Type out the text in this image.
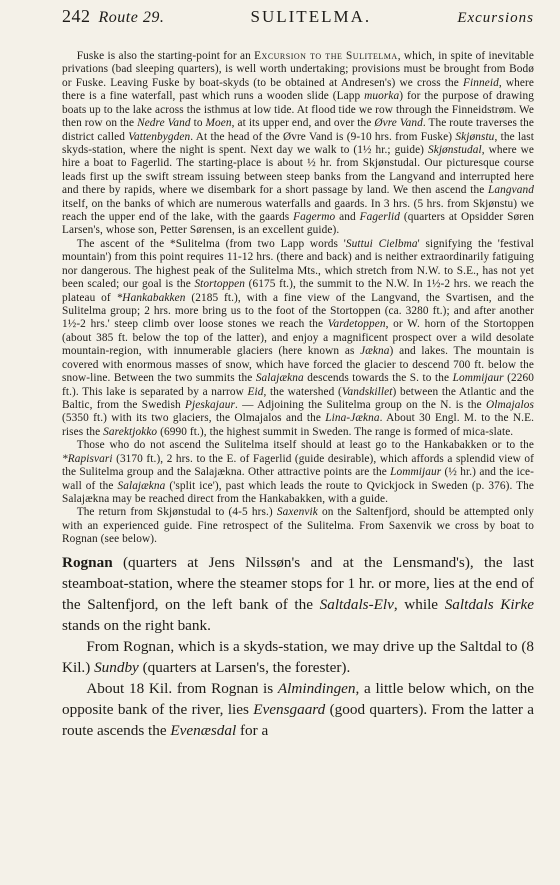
242 Route 29.	SULITELMA.	Excursions

Fuske is also the starting-point for an Excursion to the Sulitelma, which, in spite of inevitable privations (bad sleeping quarters), is well worth undertaking; provisions must be brought from Bodø or Fuske. Leaving Fuske by boat-skyds (to be obtained at Andresen's) we cross the Finneid, where there is a fine waterfall, past which runs a wooden slide (Lapp muorka) for the purpose of drawing boats up to the lake across the isthmus at low tide. At flood tide we row through the Finneidstrøm. We then row on the Nedre Vand to Moen, at its upper end, and over the Øvre Vand. The route traverses the district called Vattenbygden. At the head of the Øvre Vand is (9-10 hrs. from Fuske) Skjønstu, the last skyds-station, where the night is spent. Next day we walk to (1½ hr.; guide) Skjønstudal, where we hire a boat to Fagerlid. The starting-place is about ½ hr. from Skjønstudal. Our picturesque course leads first up the swift stream issuing between steep banks from the Langvand and interrupted here and there by rapids, where we disembark for a short passage by land. We then ascend the Langvand itself, on the banks of which are numerous waterfalls and gaards. In 3 hrs. (5 hrs. from Skjønstu) we reach the upper end of the lake, with the gaards Fagermo and Fagerlid (quarters at Opsidder Søren Larsen's, whose son, Petter Sørensen, is an excellent guide).

The ascent of the *Sulitelma (from two Lapp words 'Suttui Cielbma' signifying the 'festival mountain') from this point requires 11-12 hrs. (there and back) and is neither extraordinarily fatiguing nor dangerous. The highest peak of the Sulitelma Mts., which stretch from N.W. to S.E., has not yet been scaled; our goal is the Stortoppen (6175 ft.), the summit to the N.W. In 1½-2 hrs. we reach the plateau of *Hankabakken (2185 ft.), with a fine view of the Langvand, the Svartisen, and the Sulitelma group; 2 hrs. more bring us to the foot of the Stortoppen (ca. 3280 ft.); and after another 1½-2 hrs.' steep climb over loose stones we reach the Vardetoppen, or W. horn of the Stortoppen (about 385 ft. below the top of the latter), and enjoy a magnificent prospect over a wild desolate mountain-region, with innumerable glaciers (here known as Jækna) and lakes. The mountain is covered with enormous masses of snow, which have forced the glacier to descend 700 ft. below the snow-line. Between the two summits the Salajækna descends towards the S. to the Lommijaur (2260 ft.). This lake is separated by a narrow Eid, the watershed (Vandskillet) between the Atlantic and the Baltic, from the Swedish Pjeskajaur. — Adjoining the Sulitelma group on the N. is the Olmajalos (5350 ft.) with its two glaciers, the Olmajalos and the Lina-Jækna. About 30 Engl. M. to the N.E. rises the Sarektjokko (6990 ft.), the highest summit in Sweden. The range is formed of mica-slate.

Those who do not ascend the Sulitelma itself should at least go to the Hankabakken or to the *Rapisvari (3170 ft.), 2 hrs. to the E. of Fagerlid (guide desirable), which affords a splendid view of the Sulitelma group and the Salajækna. Other attractive points are the Lommijaur (½ hr.) and the ice-wall of the Salajækna ('split ice'), past which leads the route to Qvickjock in Sweden (p. 376). The Salajækna may be reached direct from the Hankabakken, with a guide.

The return from Skjønstudal to (4-5 hrs.) Saxenvik on the Saltenfjord, should be attempted only with an experienced guide. Fine retrospect of the Sulitelma. From Saxenvik we cross by boat to Rognan (see below).

Rognan (quarters at Jens Nilssøn's and at the Lensmand's), the last steamboat-station, where the steamer stops for 1 hr. or more, lies at the end of the Saltenfjord, on the left bank of the Saltdals-Elv, while Saltdals Kirke stands on the right bank.

From Rognan, which is a skyds-station, we may drive up the Saltdal to (8 Kil.) Sundby (quarters at Larsen's, the forester).

About 18 Kil. from Rognan is Almindingen, a little below which, on the opposite bank of the river, lies Evensgaard (good quarters). From the latter a route ascends the Evenæsdal for a
